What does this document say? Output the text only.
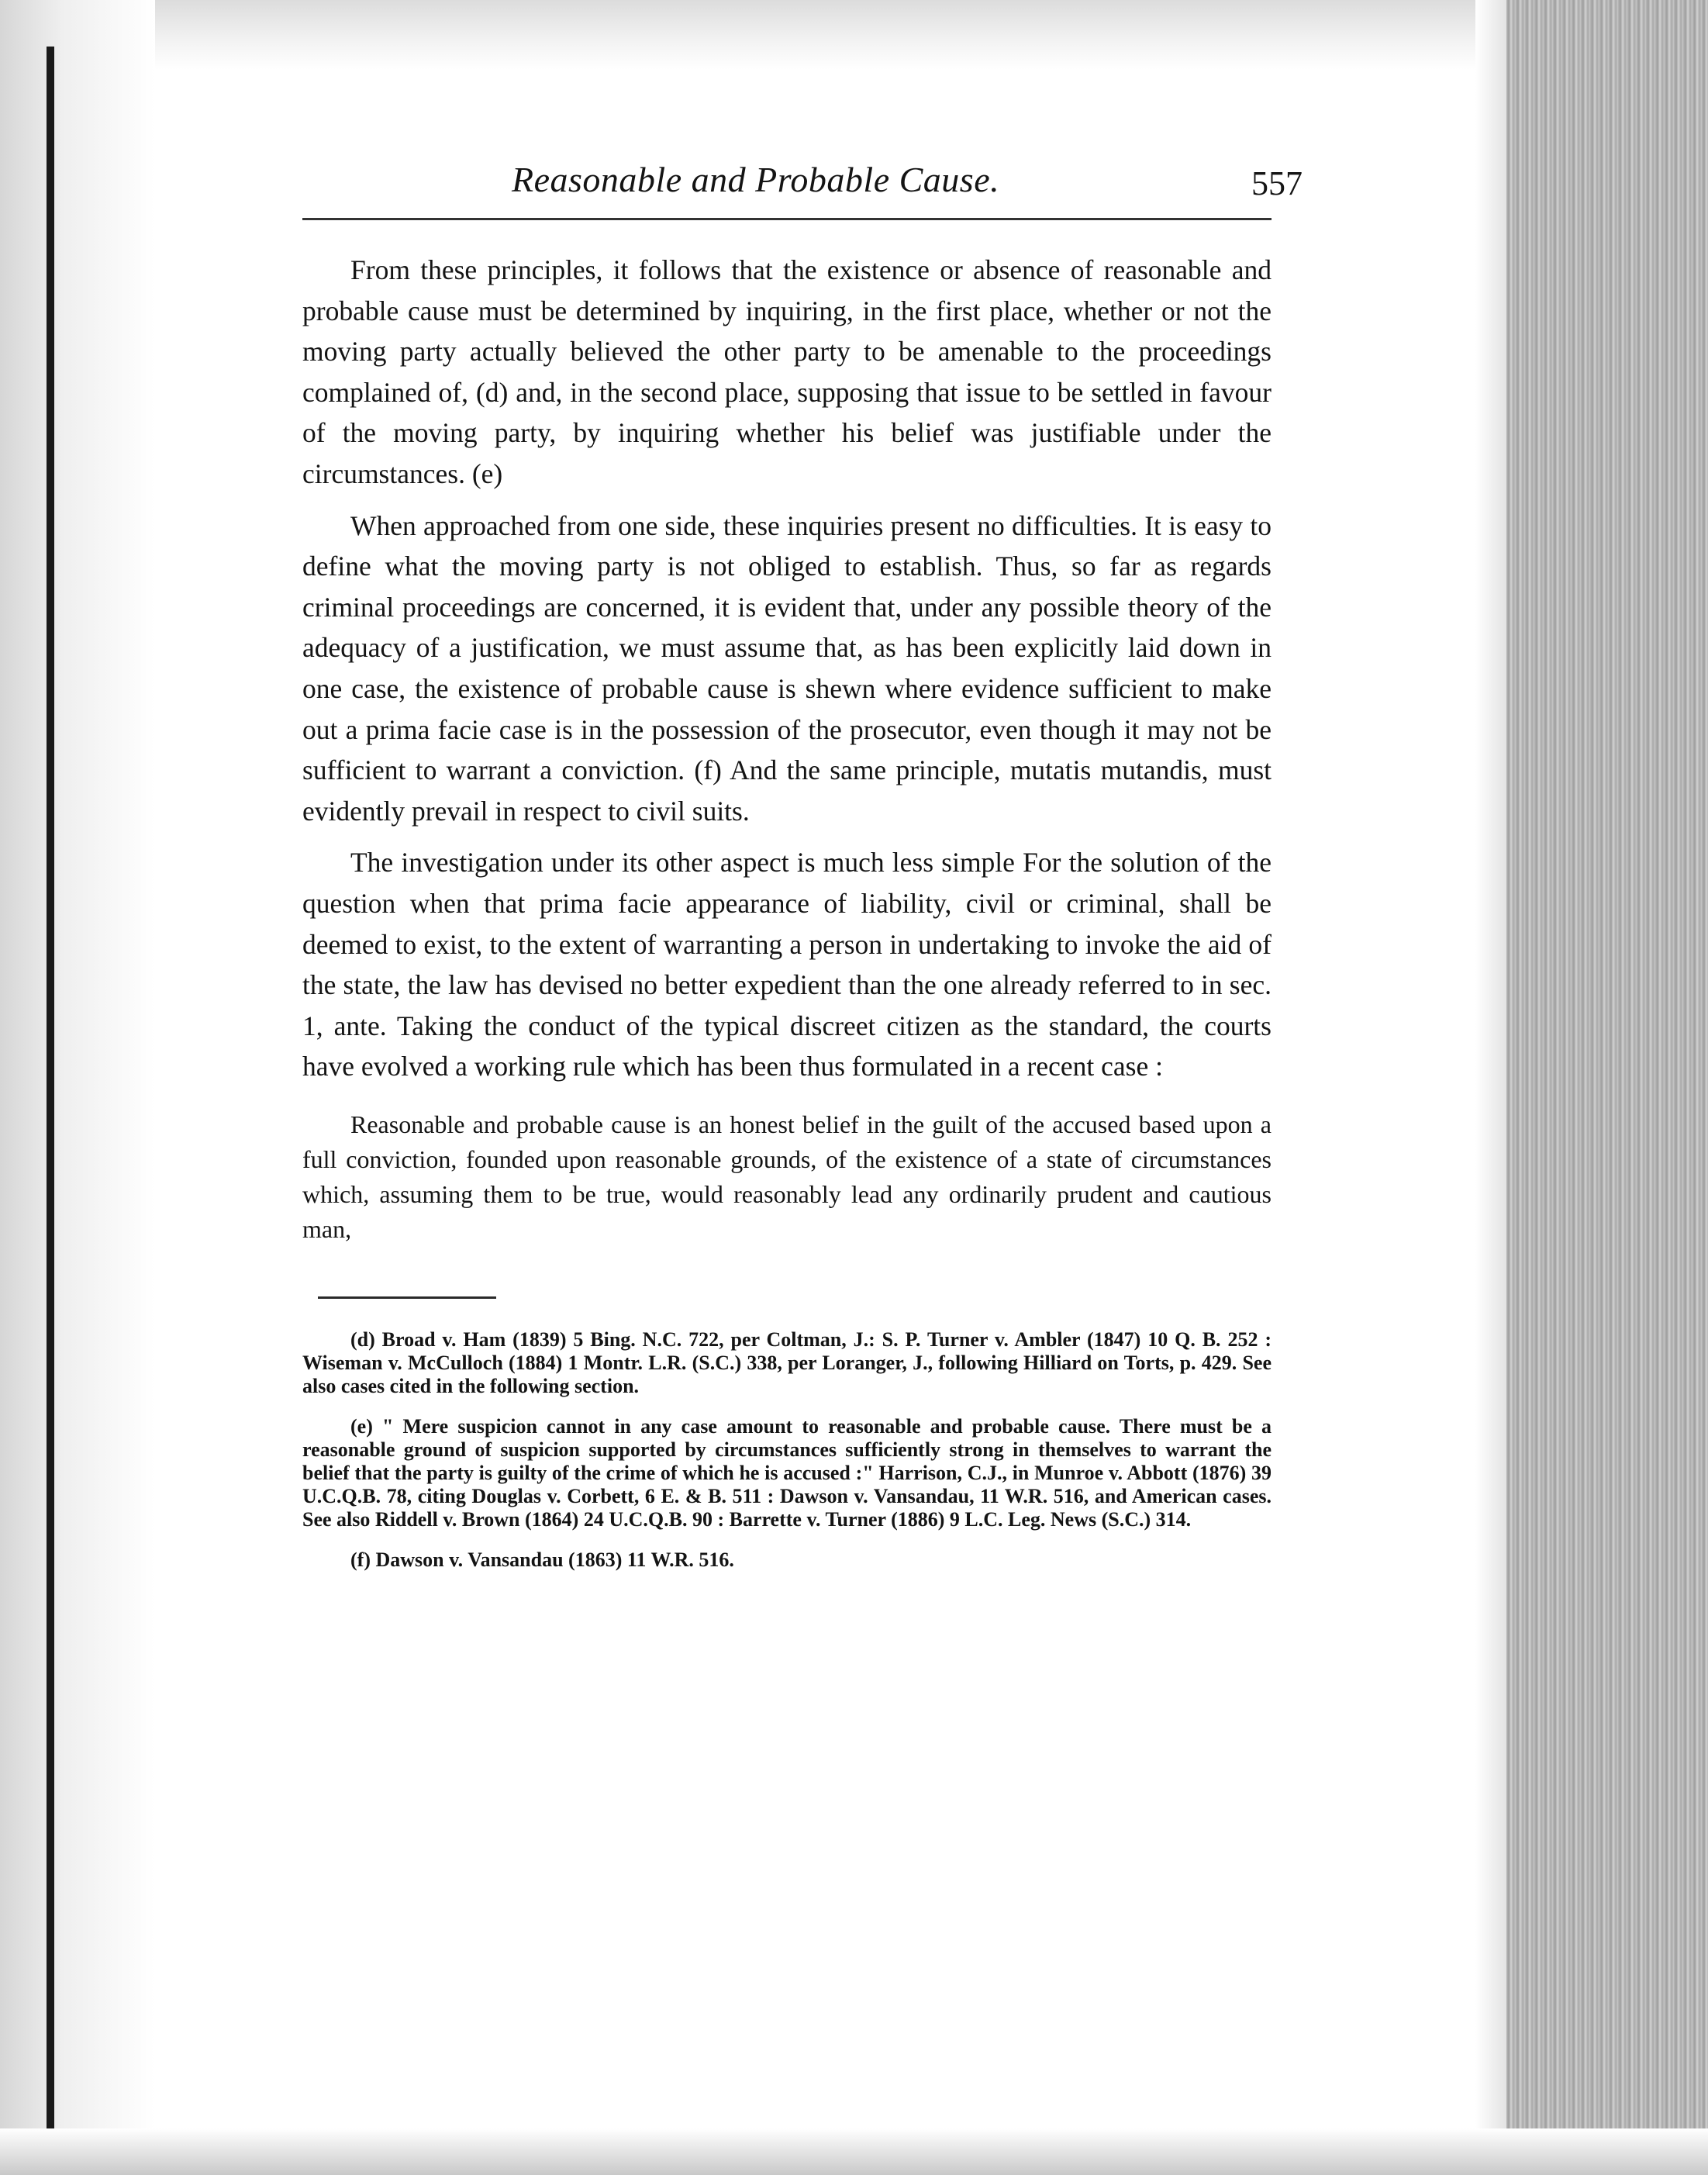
Reasonable and Probable Cause.	557

From these principles, it follows that the existence or absence of reasonable and probable cause must be determined by inquiring, in the first place, whether or not the moving party actually believed the other party to be amenable to the proceedings complained of, (d) and, in the second place, supposing that issue to be settled in favour of the moving party, by inquiring whether his belief was justifiable under the circumstances. (e)

When approached from one side, these inquiries present no difficulties. It is easy to define what the moving party is not obliged to establish. Thus, so far as regards criminal proceedings are concerned, it is evident that, under any possible theory of the adequacy of a justification, we must assume that, as has been explicitly laid down in one case, the existence of probable cause is shewn where evidence sufficient to make out a prima facie case is in the possession of the prosecutor, even though it may not be sufficient to warrant a conviction. (f) And the same principle, mutatis mutandis, must evidently prevail in respect to civil suits.

The investigation under its other aspect is much less simple For the solution of the question when that prima facie appearance of liability, civil or criminal, shall be deemed to exist, to the extent of warranting a person in undertaking to invoke the aid of the state, the law has devised no better expedient than the one already referred to in sec. 1, ante. Taking the conduct of the typical discreet citizen as the standard, the courts have evolved a working rule which has been thus formulated in a recent case :

Reasonable and probable cause is an honest belief in the guilt of the accused based upon a full conviction, founded upon reasonable grounds, of the existence of a state of circumstances which, assuming them to be true, would reasonably lead any ordinarily prudent and cautious man,

(d) Broad v. Ham (1839) 5 Bing. N.C. 722, per Coltman, J.: S. P. Turner v. Ambler (1847) 10 Q. B. 252 : Wiseman v. McCulloch (1884) 1 Montr. L.R. (S.C.) 338, per Loranger, J., following Hilliard on Torts, p. 429. See also cases cited in the following section.

(e) " Mere suspicion cannot in any case amount to reasonable and probable cause. There must be a reasonable ground of suspicion supported by circumstances sufficiently strong in themselves to warrant the belief that the party is guilty of the crime of which he is accused :" Harrison, C.J., in Munroe v. Abbott (1876) 39 U.C.Q.B. 78, citing Douglas v. Corbett, 6 E. & B. 511 : Dawson v. Vansandau, 11 W.R. 516, and American cases. See also Riddell v. Brown (1864) 24 U.C.Q.B. 90 : Barrette v. Turner (1886) 9 L.C. Leg. News (S.C.) 314.

(f) Dawson v. Vansandau (1863) 11 W.R. 516.
